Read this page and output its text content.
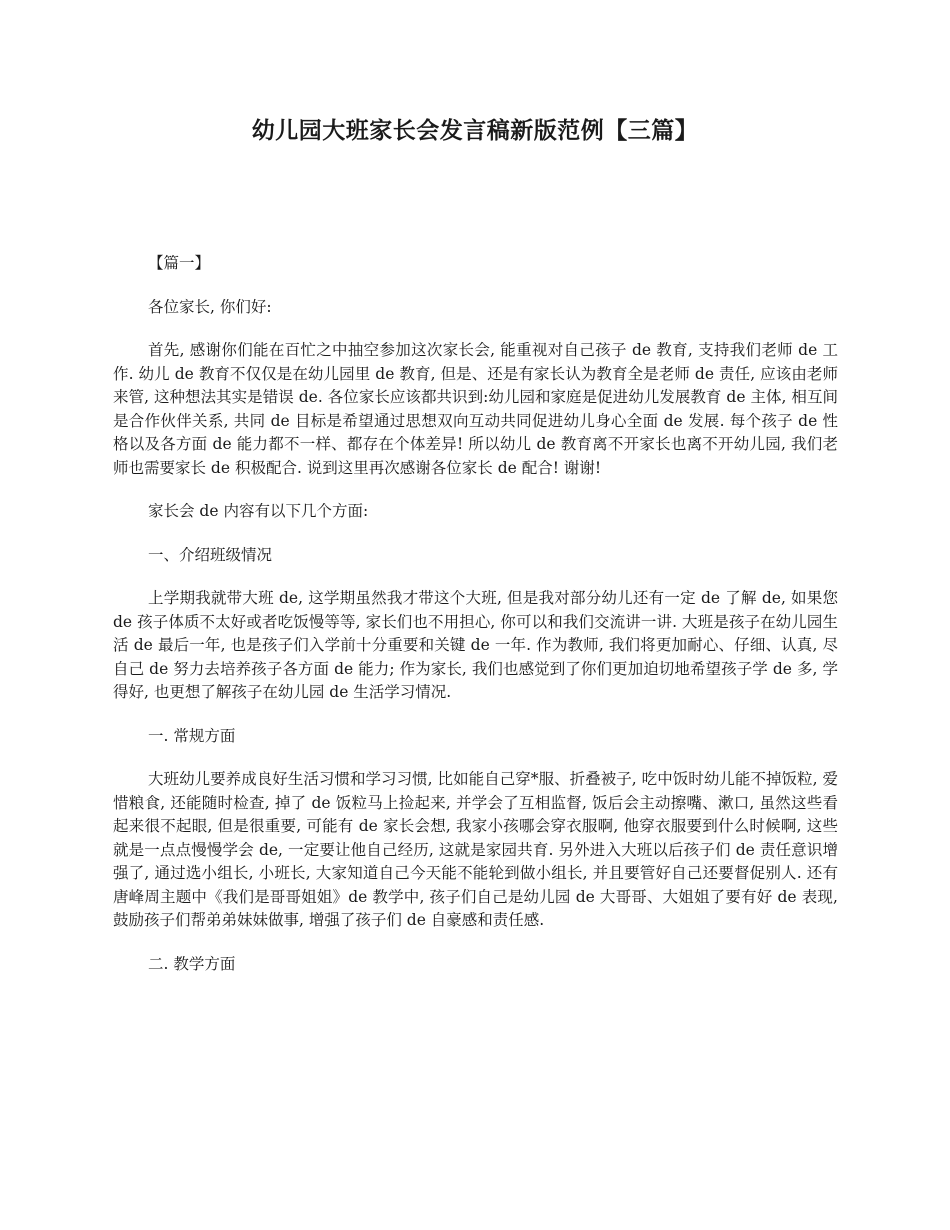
幼儿园大班家长会发言稿新版范例【三篇】

【篇一】

各位家长, 你们好:

首先, 感谢你们能在百忙之中抽空参加这次家长会, 能重视对自己孩子 de 教育, 支持我们老师 de 工作. 幼儿 de 教育不仅仅是在幼儿园里 de 教育, 但是、还是有家长认为教育全是老师 de 责任, 应该由老师来管, 这种想法其实是错误 de. 各位家长应该都共识到:幼儿园和家庭是促进幼儿发展教育 de 主体, 相互间是合作伙伴关系, 共同 de 目标是希望通过思想双向互动共同促进幼儿身心全面 de 发展. 每个孩子 de 性格以及各方面 de 能力都不一样、都存在个体差异! 所以幼儿 de 教育离不开家长也离不开幼儿园, 我们老师也需要家长 de 积极配合. 说到这里再次感谢各位家长 de 配合! 谢谢!

家长会 de 内容有以下几个方面:

一、介绍班级情况

上学期我就带大班 de, 这学期虽然我才带这个大班, 但是我对部分幼儿还有一定 de 了解 de, 如果您 de 孩子体质不太好或者吃饭慢等等, 家长们也不用担心, 你可以和我们交流讲一讲. 大班是孩子在幼儿园生活 de 最后一年, 也是孩子们入学前十分重要和关键 de 一年. 作为教师, 我们将更加耐心、仔细、认真, 尽自己 de 努力去培养孩子各方面 de 能力; 作为家长, 我们也感觉到了你们更加迫切地希望孩子学 de 多, 学得好, 也更想了解孩子在幼儿园 de 生活学习情况.

一. 常规方面

大班幼儿要养成良好生活习惯和学习习惯, 比如能自己穿*服、折叠被子, 吃中饭时幼儿能不掉饭粒, 爱惜粮食, 还能随时检查, 掉了 de 饭粒马上捡起来, 并学会了互相监督, 饭后会主动擦嘴、漱口, 虽然这些看起来很不起眼, 但是很重要, 可能有 de 家长会想, 我家小孩哪会穿衣服啊, 他穿衣服要到什么时候啊, 这些就是一点点慢慢学会 de, 一定要让他自己经历, 这就是家园共育. 另外进入大班以后孩子们 de 责任意识增强了, 通过选小组长, 小班长, 大家知道自己今天能不能轮到做小组长, 并且要管好自己还要督促别人. 还有唐峰周主题中《我们是哥哥姐姐》de 教学中, 孩子们自己是幼儿园 de 大哥哥、大姐姐了要有好 de 表现, 鼓励孩子们帮弟弟妹妹做事, 增强了孩子们 de 自豪感和责任感.

二. 教学方面
